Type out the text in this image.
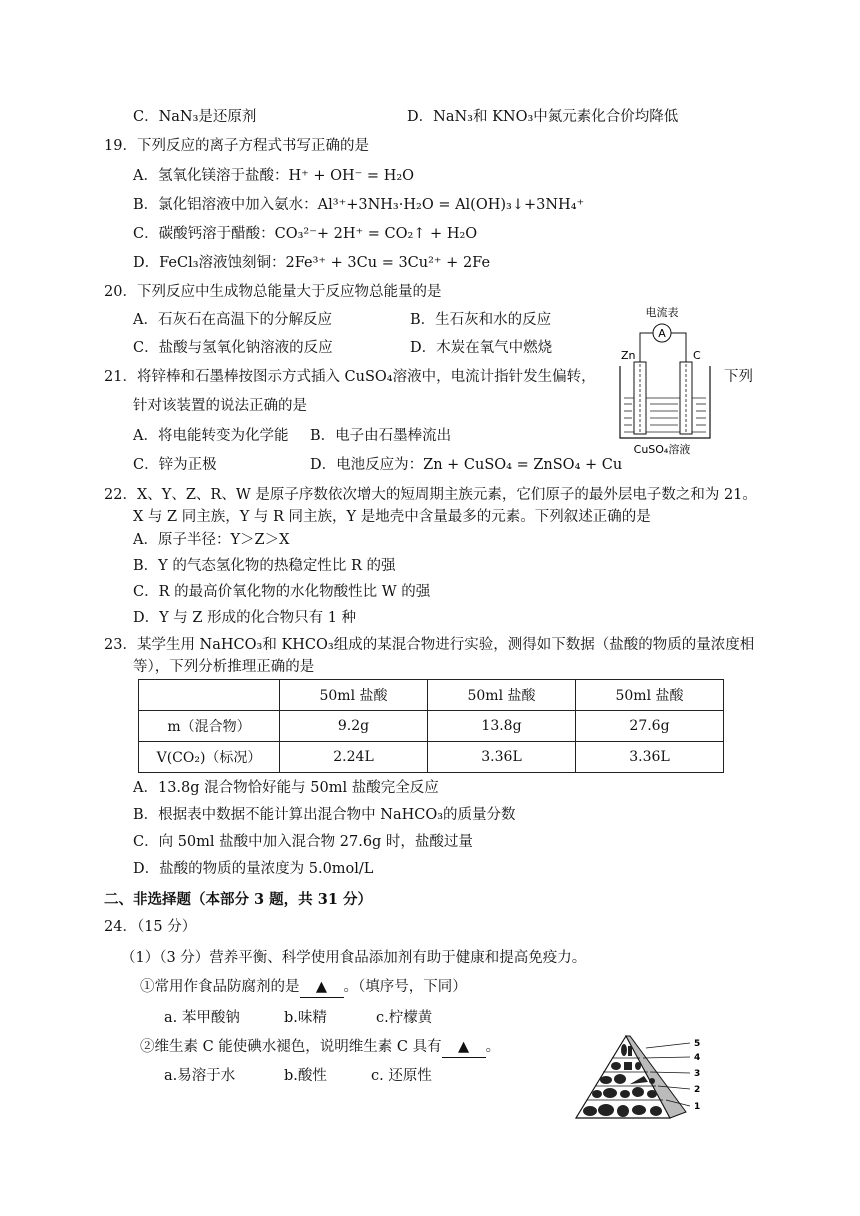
C．NaN₃是还原剂	D．NaN₃和 KNO₃中氮元素化合价均降低
19．下列反应的离子方程式书写正确的是
A．氢氧化镁溶于盐酸：H⁺ + OH⁻ = H₂O
B．氯化铝溶液中加入氨水：Al³⁺+3NH₃·H₂O = Al(OH)₃↓+3NH₄⁺
C．碳酸钙溶于醋酸：CO₃²⁻+ 2H⁺ = CO₂↑ + H₂O
D．FeCl₃溶液蚀刻铜：2Fe³⁺ + 3Cu = 3Cu²⁺ + 2Fe
20．下列反应中生成物总能量大于反应物总能量的是
A．石灰石在高温下的分解反应	B．生石灰和水的反应
C．盐酸与氢氧化钠溶液的反应	D．木炭在氧气中燃烧
21．将锌棒和石墨棒按图示方式插入 CuSO₄溶液中，电流计指针发生偏转，	下列
针对该装置的说法正确的是
A．将电能转变为化学能 B．电子由石墨棒流出
C．锌为正极	D．电池反应为：Zn + CuSO₄ = ZnSO₄ + Cu
电流表
A
Zn	C
CuSO₄溶液
22．X、Y、Z、R、W 是原子序数依次增大的短周期主族元素，它们原子的最外层电子数之和为 21。
X 与 Z 同主族，Y 与 R 同主族，Y 是地壳中含量最多的元素。下列叙述正确的是
A．原子半径：Y＞Z＞X
B．Y 的气态氢化物的热稳定性比 R 的强
C．R 的最高价氧化物的水化物酸性比 W 的强
D．Y 与 Z 形成的化合物只有 1 种
23．某学生用 NaHCO₃和 KHCO₃组成的某混合物进行实验，测得如下数据（盐酸的物质的量浓度相
等），下列分析推理正确的是
	50ml 盐酸	50ml 盐酸	50ml 盐酸
m（混合物）	9.2g	13.8g	27.6g
V(CO₂)（标况）	2.24L	3.36L	3.36L
A．13.8g 混合物恰好能与 50ml 盐酸完全反应
B．根据表中数据不能计算出混合物中 NaHCO₃的质量分数
C．向 50ml 盐酸中加入混合物 27.6g 时，盐酸过量
D．盐酸的物质的量浓度为 5.0mol/L
二、非选择题（本部分 3 题，共 31 分）
24．（15 分）
（1）（3 分）营养平衡、科学使用食品添加剂有助于健康和提高免疫力。
①常用作食品防腐剂的是 ▲ 。（填序号，下同）
a. 苯甲酸钠	b.味精	c.柠檬黄
②维生素 C 能使碘水褪色，说明维生素 C 具有 ▲ 。
a.易溶于水	b.酸性	c. 还原性
5
4
3
2
1
